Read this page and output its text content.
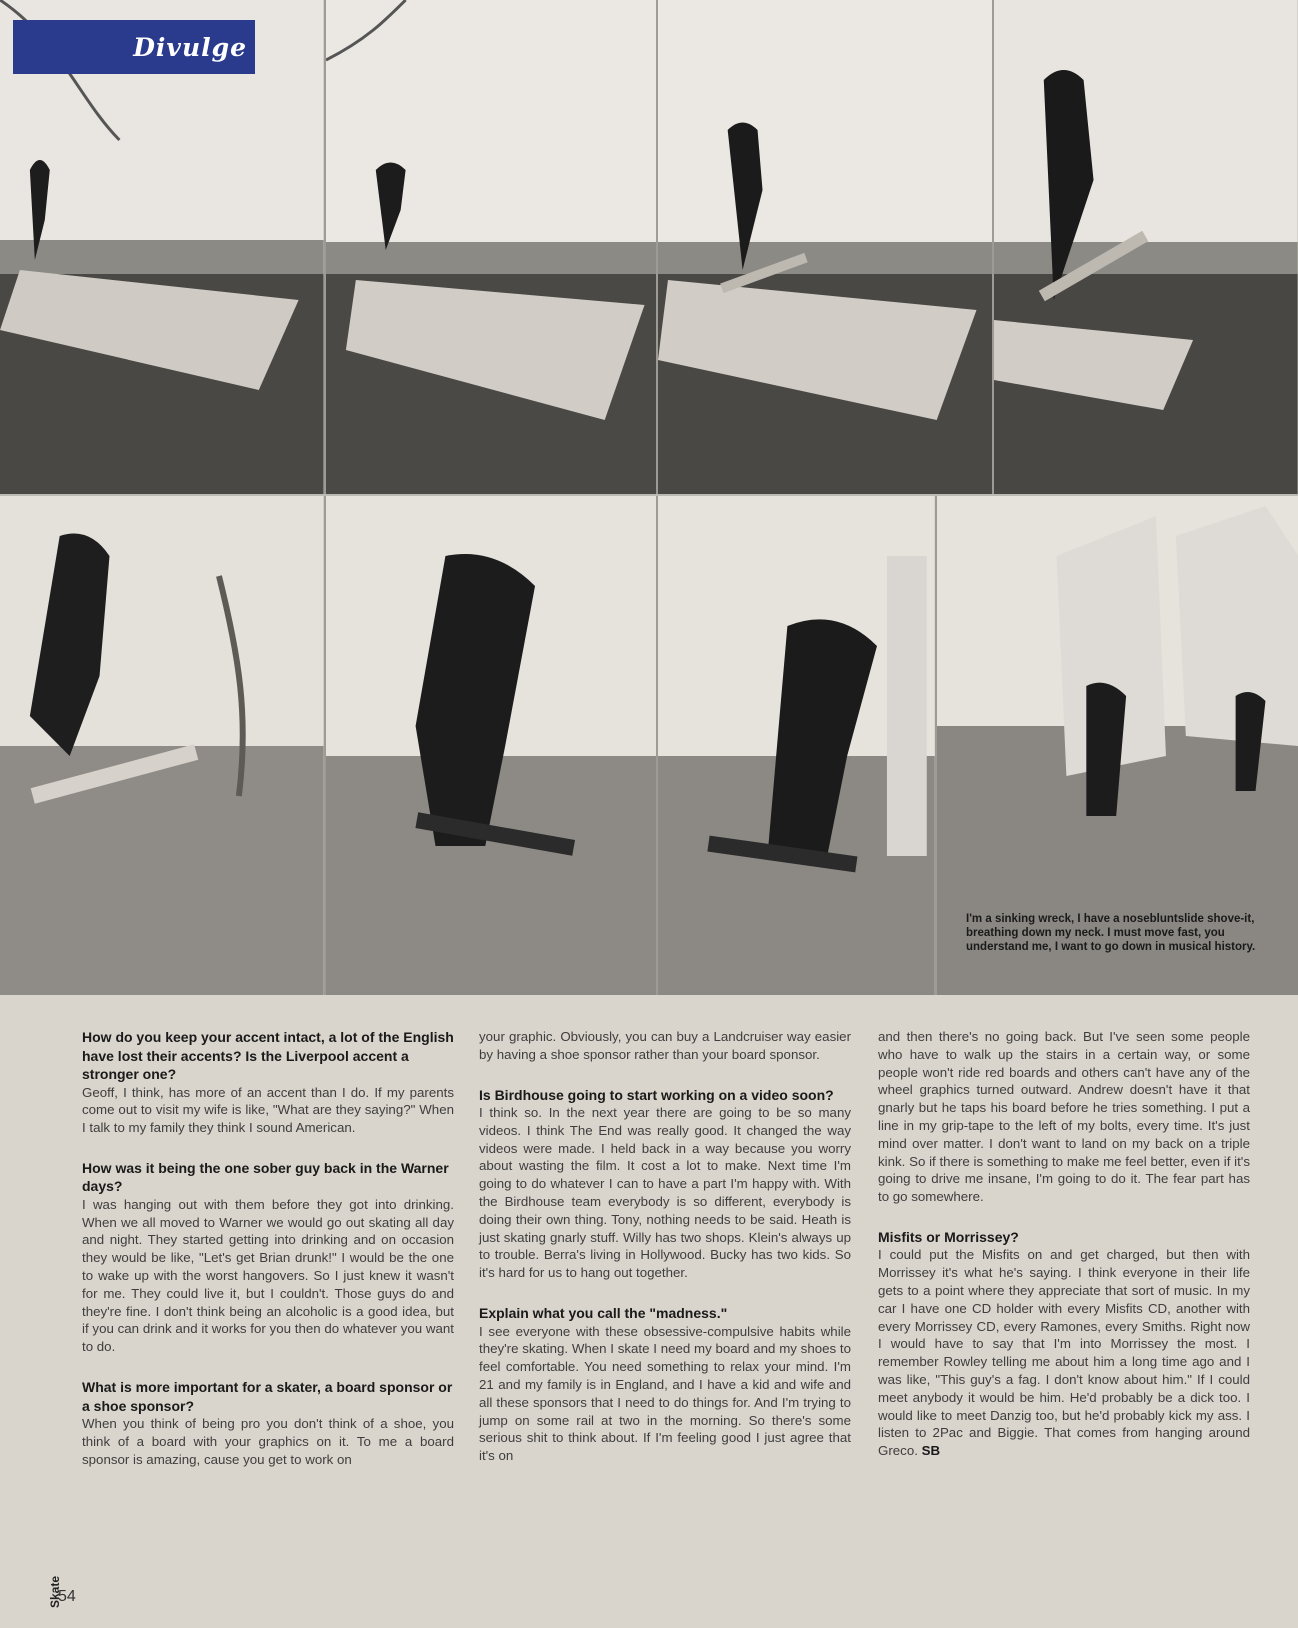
Divulge
I'm a sinking wreck, I have a nosebluntslide shove-it, breathing down my neck. I must move fast, you understand me, I want to go down in musical history.

How do you keep your accent intact, a lot of the English have lost their accents? Is the Liverpool accent a stronger one?

Geoff, I think, has more of an accent than I do. If my parents come out to visit my wife is like, "What are they saying?" When I talk to my family they think I sound American.

How was it being the one sober guy back in the Warner days?

I was hanging out with them before they got into drinking. When we all moved to Warner we would go out skating all day and night. They started getting into drinking and on occasion they would be like, "Let's get Brian drunk!" I would be the one to wake up with the worst hangovers. So I just knew it wasn't for me. They could live it, but I couldn't. Those guys do and they're fine. I don't think being an alcoholic is a good idea, but if you can drink and it works for you then do whatever you want to do.

What is more important for a skater, a board sponsor or a shoe sponsor?

When you think of being pro you don't think of a shoe, you think of a board with your graphics on it. To me a board sponsor is amazing, cause you get to work on

your graphic. Obviously, you can buy a Landcruiser way easier by having a shoe sponsor rather than your board sponsor.

Is Birdhouse going to start working on a video soon?

I think so. In the next year there are going to be so many videos. I think The End was really good. It changed the way videos were made. I held back in a way because you worry about wasting the film. It cost a lot to make. Next time I'm going to do whatever I can to have a part I'm happy with. With the Birdhouse team everybody is so different, everybody is doing their own thing. Tony, nothing needs to be said. Heath is just skating gnarly stuff. Willy has two shops. Klein's always up to trouble. Berra's living in Hollywood. Bucky has two kids. So it's hard for us to hang out together.

Explain what you call the "madness."

I see everyone with these obsessive-compulsive habits while they're skating. When I skate I need my board and my shoes to feel comfortable. You need something to relax your mind. I'm 21 and my family is in England, and I have a kid and wife and all these sponsors that I need to do things for. And I'm trying to jump on some rail at two in the morning. So there's some serious shit to think about. If I'm feeling good I just agree that it's on

and then there's no going back. But I've seen some people who have to walk up the stairs in a certain way, or some people won't ride red boards and others can't have any of the wheel graphics turned outward. Andrew doesn't have it that gnarly but he taps his board before he tries something. I put a line in my grip-tape to the left of my bolts, every time. It's just mind over matter. I don't want to land on my back on a triple kink. So if there is something to make me feel better, even if it's going to drive me insane, I'm going to do it. The fear part has to go somewhere.

Misfits or Morrissey?

I could put the Misfits on and get charged, but then with Morrissey it's what he's saying. I think everyone in their life gets to a point where they appreciate that sort of music. In my car I have one CD holder with every Misfits CD, another with every Morrissey CD, every Ramones, every Smiths. Right now I would have to say that I'm into Morrissey the most. I remember Rowley telling me about him a long time ago and I was like, "This guy's a fag. I don't know about him." If I could meet anybody it would be him. He'd probably be a dick too. I would like to meet Danzig too, but he'd probably kick my ass. I listen to 2Pac and Biggie. That comes from hanging around Greco. SB

Skate
54
